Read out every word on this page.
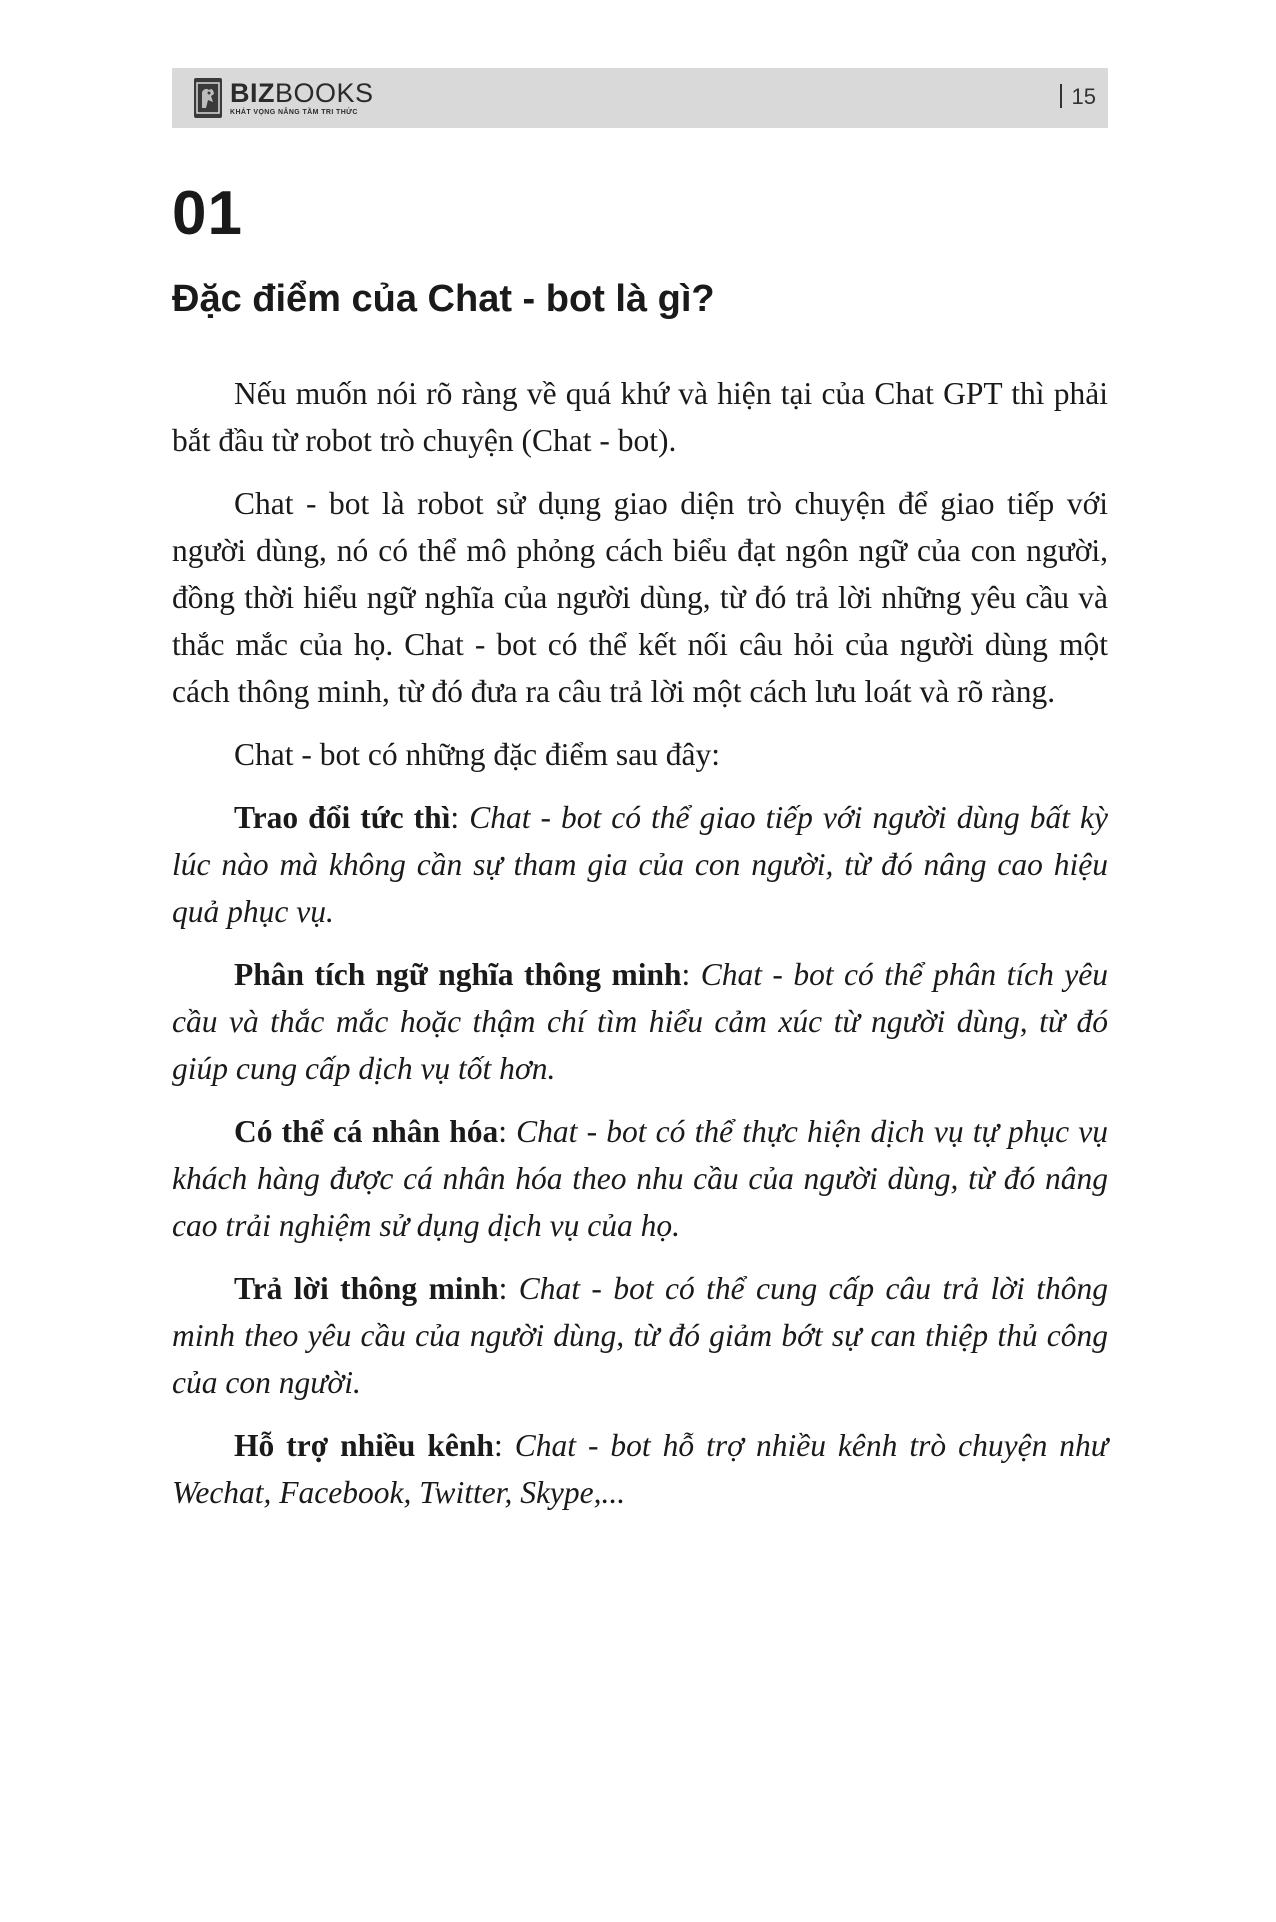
BIZBOOKS
KHÁT VỌNG NÂNG TẦM TRI THỨC
15
01
Đặc điểm của Chat - bot là gì?

Nếu muốn nói rõ ràng về quá khứ và hiện tại của Chat GPT thì phải bắt đầu từ robot trò chuyện (Chat - bot).

Chat - bot là robot sử dụng giao diện trò chuyện để giao tiếp với người dùng, nó có thể mô phỏng cách biểu đạt ngôn ngữ của con người, đồng thời hiểu ngữ nghĩa của người dùng, từ đó trả lời những yêu cầu và thắc mắc của họ. Chat - bot có thể kết nối câu hỏi của người dùng một cách thông minh, từ đó đưa ra câu trả lời một cách lưu loát và rõ ràng.

Chat - bot có những đặc điểm sau đây:

Trao đổi tức thì: Chat - bot có thể giao tiếp với người dùng bất kỳ lúc nào mà không cần sự tham gia của con người, từ đó nâng cao hiệu quả phục vụ.

Phân tích ngữ nghĩa thông minh: Chat - bot có thể phân tích yêu cầu và thắc mắc hoặc thậm chí tìm hiểu cảm xúc từ người dùng, từ đó giúp cung cấp dịch vụ tốt hơn.

Có thể cá nhân hóa: Chat - bot có thể thực hiện dịch vụ tự phục vụ khách hàng được cá nhân hóa theo nhu cầu của người dùng, từ đó nâng cao trải nghiệm sử dụng dịch vụ của họ.

Trả lời thông minh: Chat - bot có thể cung cấp câu trả lời thông minh theo yêu cầu của người dùng, từ đó giảm bớt sự can thiệp thủ công của con người.

Hỗ trợ nhiều kênh: Chat - bot hỗ trợ nhiều kênh trò chuyện như Wechat, Facebook, Twitter, Skype,...
